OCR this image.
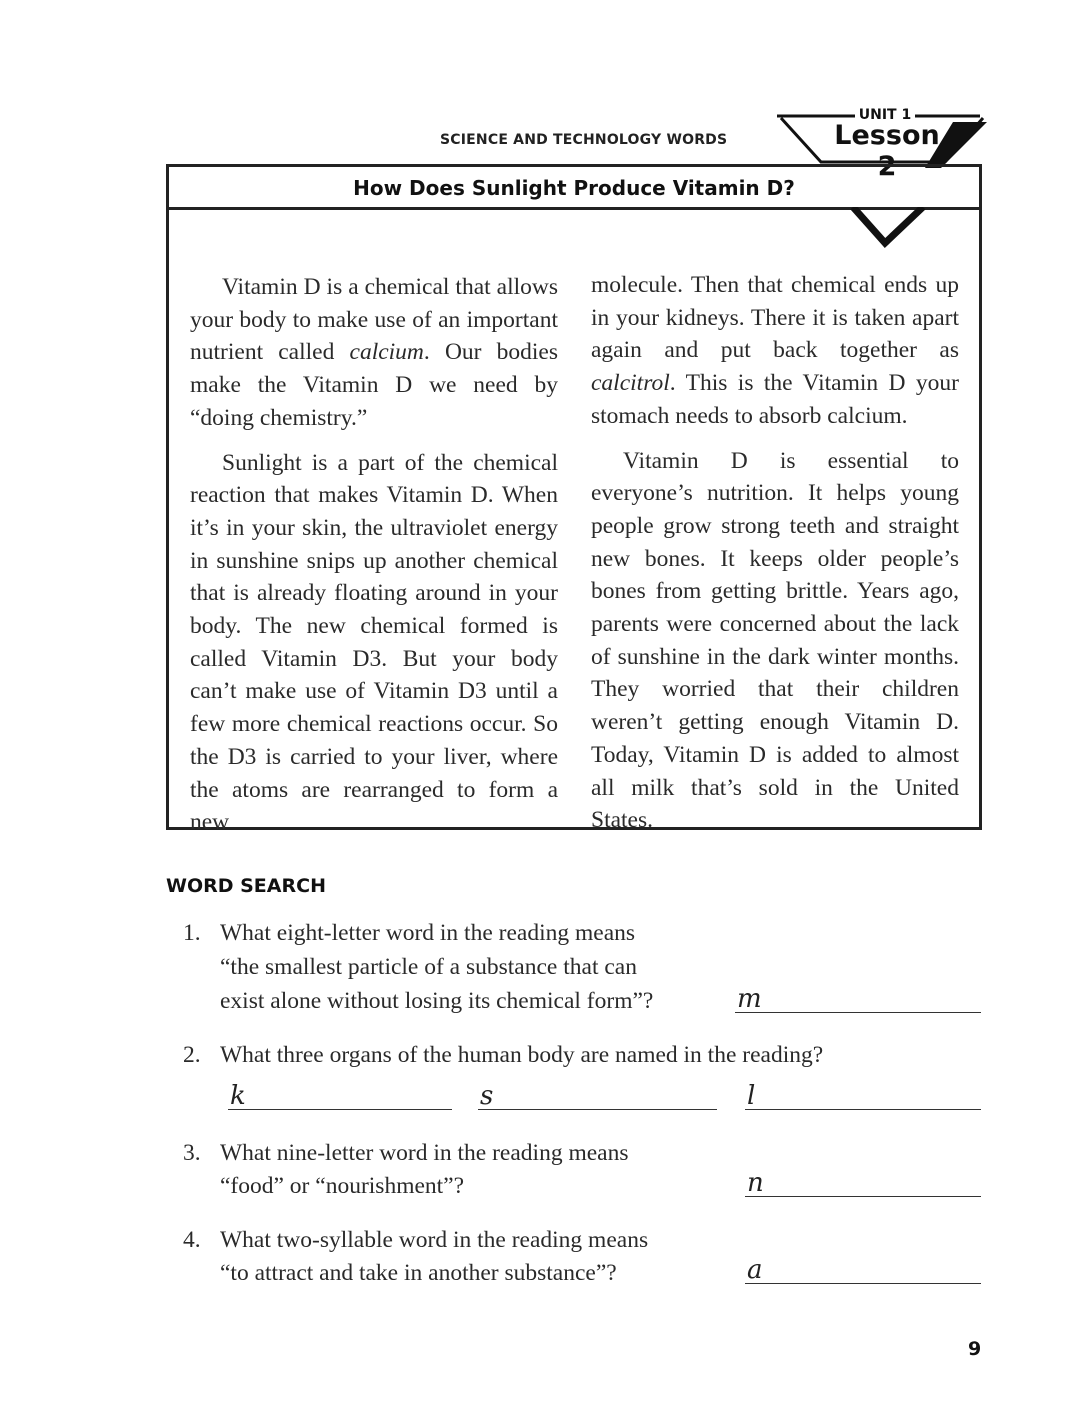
SCIENCE AND TECHNOLOGY WORDS
UNIT 1
Lesson 2
How Does Sunlight Produce Vitamin D?

Vitamin D is a chemical that allows your body to make use of an important nutrient called calcium. Our bodies make the Vitamin D we need by “doing chemistry.”

Sunlight is a part of the chemical reaction that makes Vitamin D. When it’s in your skin, the ultraviolet energy in sunshine snips up another chemical that is already floating around in your body. The new chemical formed is called Vitamin D3. But your body can’t make use of Vitamin D3 until a few more chemical reactions occur. So the D3 is carried to your liver, where the atoms are rearranged to form a new

molecule. Then that chemical ends up in your kidneys. There it is taken apart again and put back together as calcitrol. This is the Vitamin D your stomach needs to absorb calcium.

Vitamin D is essential to everyone’s nutrition. It helps young people grow strong teeth and straight new bones. It keeps older people’s bones from getting brittle. Years ago, parents were concerned about the lack of sunshine in the dark winter months. They worried that their children weren’t getting enough Vitamin D. Today, Vitamin D is added to almost all milk that’s sold in the United States.

WORD SEARCH
1. What eight-letter word in the reading means
“the smallest particle of a substance that can
exist alone without losing its chemical form”?	m
2. What three organs of the human body are named in the reading?
k	s	l
3. What nine-letter word in the reading means
“food” or “nourishment”?	n
4. What two-syllable word in the reading means
“to attract and take in another substance”?	a
9
